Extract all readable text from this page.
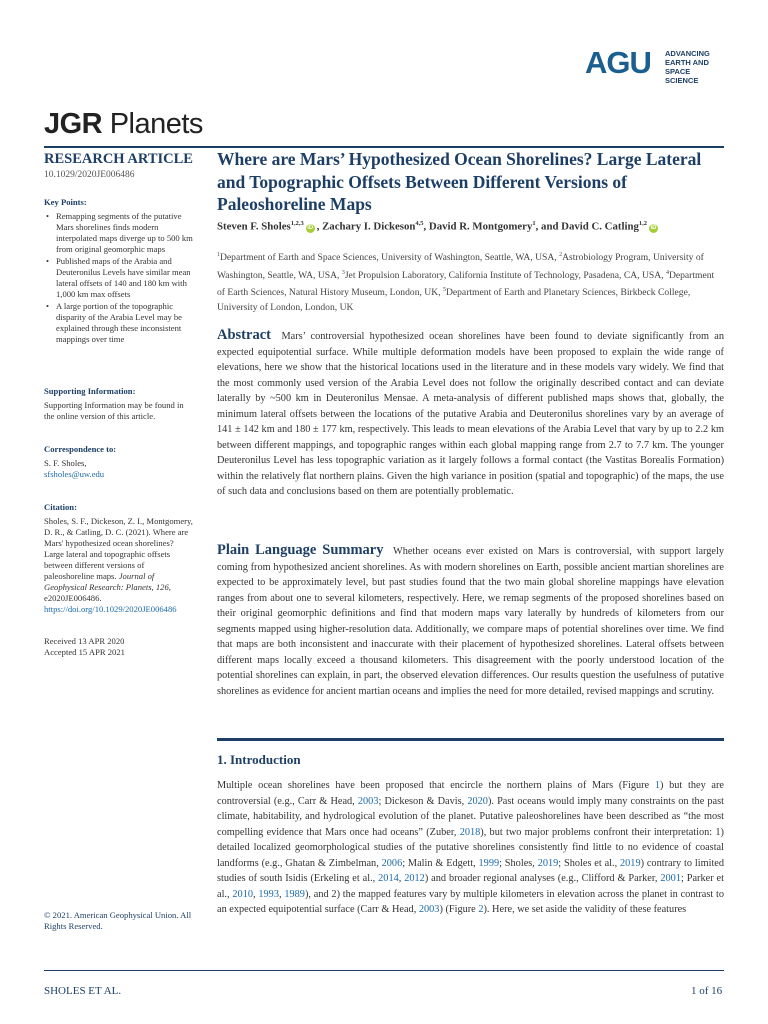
AGU ADVANCING
EARTH AND
SPACE SCIENCE
JGR Planets
RESEARCH ARTICLE
10.1029/2020JE006486
Key Points:
• Remapping segments of the putative Mars shorelines finds modern interpolated maps diverge up to 500 km from original geomorphic maps
• Published maps of the Arabia and Deuteronilus Levels have similar mean lateral offsets of 140 and 180 km with 1,000 km max offsets
• A large portion of the topographic disparity of the Arabia Level may be explained through these inconsistent mappings over time
Supporting Information:
Supporting Information may be found in the online version of this article.
Correspondence to:
S. F. Sholes,
sfsholes@uw.edu
Citation:
Sholes, S. F., Dickeson, Z. I., Montgomery, D. R., & Catling, D. C. (2021). Where are Mars' hypothesized ocean shorelines? Large lateral and topographic offsets between different versions of paleoshoreline maps. Journal of Geophysical Research: Planets, 126, e2020JE006486. https://doi.org/10.1029/2020JE006486
Received 13 APR 2020
Accepted 15 APR 2021
© 2021. American Geophysical Union. All Rights Reserved.
Where are Mars’ Hypothesized Ocean Shorelines? Large Lateral and Topographic Offsets Between Different Versions of Paleoshoreline Maps
Steven F. Sholes$^{1,2,3}$iD , Zachary I. Dickeson$^{4,5}$, David R. Montgomery$^1$, and David C. Catling$^{1,2}$iD
$^1$Department of Earth and Space Sciences, University of Washington, Seattle, WA, USA, $^2$Astrobiology Program, University of Washington, Seattle, WA, USA, $^3$Jet Propulsion Laboratory, California Institute of Technology, Pasadena, CA, USA, $^4$Department of Earth Sciences, Natural History Museum, London, UK, $^5$Department of Earth and Planetary Sciences, Birkbeck College, University of London, London, UK
Abstract Mars’ controversial hypothesized ocean shorelines have been found to deviate significantly from an expected equipotential surface. While multiple deformation models have been proposed to explain the wide range of elevations, here we show that the historical locations used in the literature and in these models vary widely. We find that the most commonly used version of the Arabia Level does not follow the originally described contact and can deviate laterally by ~500 km in Deuteronilus Mensae. A meta-analysis of different published maps shows that, globally, the minimum lateral offsets between the locations of the putative Arabia and Deuteronilus shorelines vary by an average of 141 ± 142 km and 180 ± 177 km, respectively. This leads to mean elevations of the Arabia Level that vary by up to 2.2 km between different mappings, and topographic ranges within each global mapping range from 2.7 to 7.7 km. The younger Deuteronilus Level has less topographic variation as it largely follows a formal contact (the Vastitas Borealis Formation) within the relatively flat northern plains. Given the high variance in position (spatial and topographic) of the maps, the use of such data and conclusions based on them are potentially problematic.
Plain Language Summary Whether oceans ever existed on Mars is controversial, with support largely coming from hypothesized ancient shorelines. As with modern shorelines on Earth, possible ancient martian shorelines are expected to be approximately level, but past studies found that the two main global shoreline mappings have elevation ranges from about one to several kilometers, respectively. Here, we remap segments of the proposed shorelines based on their original geomorphic definitions and find that modern maps vary laterally by hundreds of kilometers from our segments mapped using higher-resolution data. Additionally, we compare maps of potential shorelines over time. We find that maps are both inconsistent and inaccurate with their placement of hypothesized shorelines. Lateral offsets between different maps locally exceed a thousand kilometers. This disagreement with the poorly understood location of the potential shorelines can explain, in part, the observed elevation differences. Our results question the usefulness of putative shorelines as evidence for ancient martian oceans and implies the need for more detailed, revised mappings and scrutiny.
1. Introduction
Multiple ocean shorelines have been proposed that encircle the northern plains of Mars (Figure 1) but they are controversial (e.g., Carr & Head, 2003; Dickeson & Davis, 2020). Past oceans would imply many constraints on the past climate, habitability, and hydrological evolution of the planet. Putative paleoshorelines have been described as “the most compelling evidence that Mars once had oceans” (Zuber, 2018), but two major problems confront their interpretation: 1) detailed localized geomorphological studies of the putative shorelines consistently find little to no evidence of coastal landforms (e.g., Ghatan & Zimbelman, 2006; Malin & Edgett, 1999; Sholes, 2019; Sholes et al., 2019) contrary to limited studies of south Isidis (Erkeling et al., 2014, 2012) and broader regional analyses (e.g., Clifford & Parker, 2001; Parker et al., 2010, 1993, 1989), and 2) the mapped features vary by multiple kilometers in elevation across the planet in contrast to an expected equipotential surface (Carr & Head, 2003) (Figure 2). Here, we set aside the validity of these features
SHOLES ET AL.	1 of 16
